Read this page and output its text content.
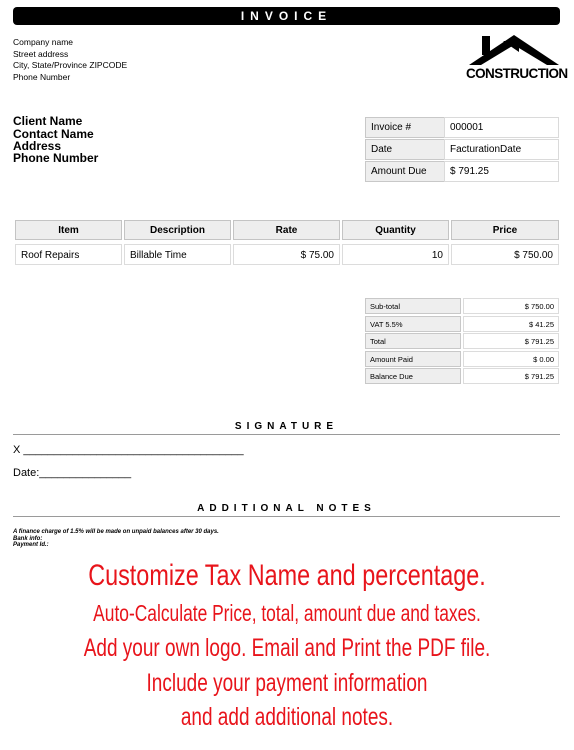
INVOICE
Company name
Street address
City, State/Province ZIPCODE
Phone Number	CONSTRUCTION
Client Name
Contact Name
Address
Phone Number
Invoice #	000001
Date	FacturationDate
Amount Due	$ 791.25
Item	Description	Rate	Quantity	Price
Roof Repairs	Billable Time	$ 75.00	10	$ 750.00
Sub-total	$ 750.00
VAT 5.5%	$ 41.25
Total	$ 791.25
Amount Paid	$ 0.00
Balance Due	$ 791.25
SIGNATURE
X ____________________________________
Date:_______________
ADDITIONAL NOTES
A finance charge of 1.5% will be made on unpaid balances after 30 days.
Bank info:
Payment Id.:
Customize Tax Name and percentage.
Auto-Calculate Price, total, amount due and taxes.
Add your own logo. Email and Print the PDF file.
Include your payment information
and add additional notes.
